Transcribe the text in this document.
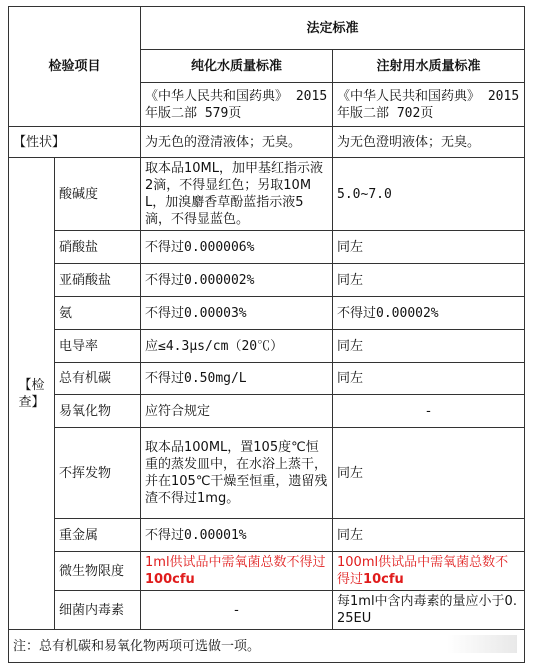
检验项目		法定标准	
		纯化水质量标准	注射用水质量标准
		《中华人民共和国药典》 2015 年版二部 579页	《中华人民共和国药典》 2015 年版二部 702页
【性状】		为无色的澄清液体；无臭。	为无色澄明液体；无臭。
【检查】	酸碱度	取本品10ML，加甲基红指示液2滴，不得显红色；另取10ML，加溴麝香草酚蓝指示液5滴，不得显蓝色。	5.0~7.0
	硝酸盐	不得过0.000006%	同左
	亚硝酸盐	不得过0.000002%	同左
	氨	不得过0.00003%	不得过0.00002%
	电导率	应≤4.3μs/cm（20℃）	同左
	总有机碳	不得过0.50mg/L	同左
	易氧化物	应符合规定	-
	不挥发物	取本品100ML，置105度℃恒重的蒸发皿中，在水浴上蒸干，并在105℃干燥至恒重，遗留残渣不得过1mg。	同左
	重金属	不得过0.00001%	同左
	微生物限度	1ml供试品中需氧菌总数不得过100cfu	100ml供试品中需氧菌总数不得过10cfu
	细菌内毒素	-	每1ml中含内毒素的量应小于0.25EU
注：总有机碳和易氧化物两项可选做一项。			
